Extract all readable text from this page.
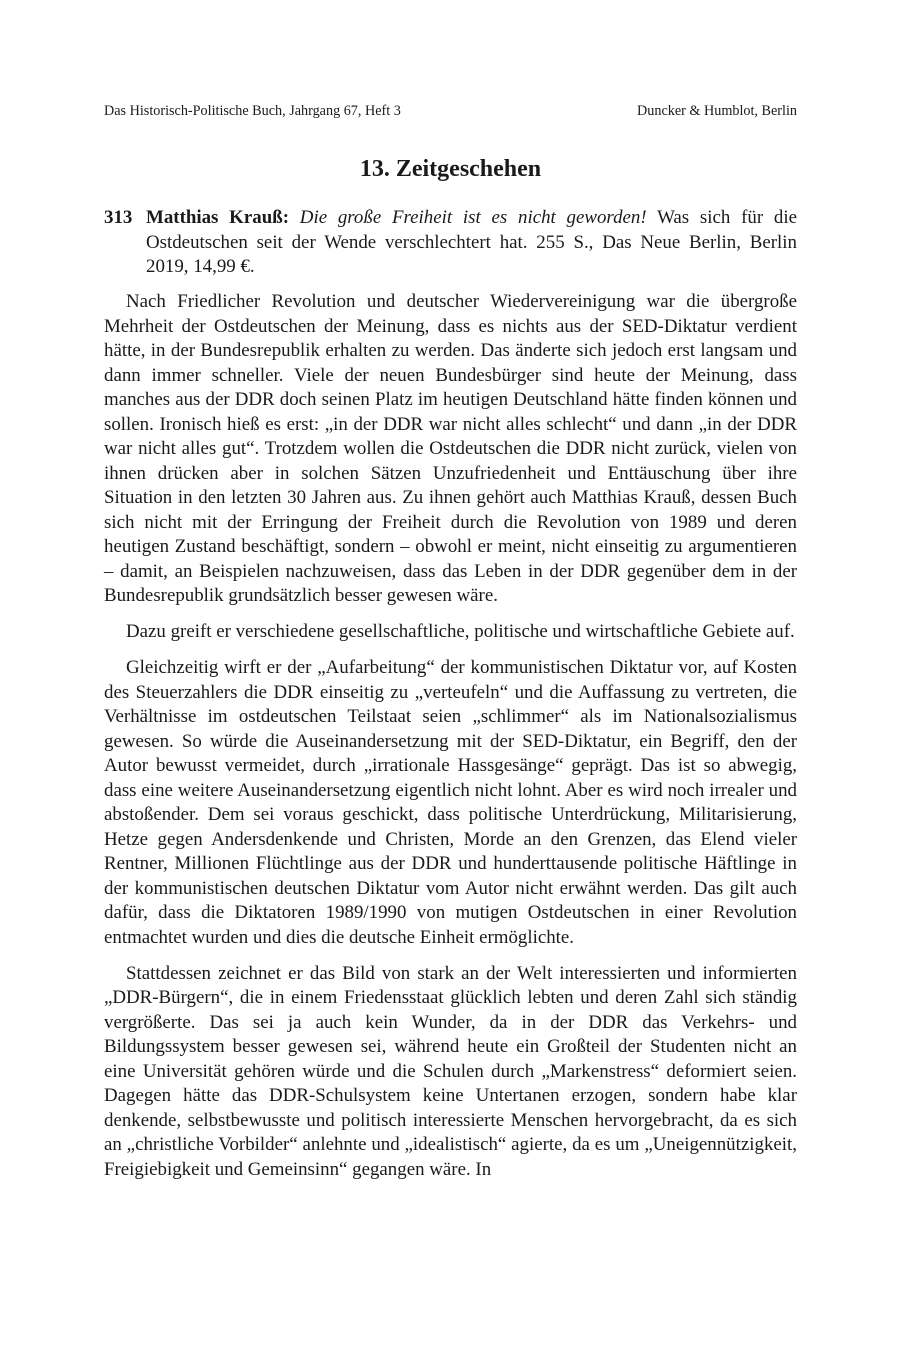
Das Historisch-Politische Buch, Jahrgang 67, Heft 3	Duncker & Humblot, Berlin
13. Zeitgeschehen
313 Matthias Krauß: Die große Freiheit ist es nicht geworden! Was sich für die Ostdeutschen seit der Wende verschlechtert hat. 255 S., Das Neue Berlin, Berlin 2019, 14,99 €.

Nach Friedlicher Revolution und deutscher Wiedervereinigung war die übergroße Mehrheit der Ostdeutschen der Meinung, dass es nichts aus der SED-Diktatur verdient hätte, in der Bundesrepublik erhalten zu werden. Das änderte sich jedoch erst langsam und dann immer schneller. Viele der neuen Bundesbürger sind heute der Meinung, dass manches aus der DDR doch seinen Platz im heutigen Deutschland hätte finden können und sollen. Ironisch hieß es erst: „in der DDR war nicht alles schlecht“ und dann „in der DDR war nicht alles gut“. Trotzdem wollen die Ostdeutschen die DDR nicht zurück, vielen von ihnen drücken aber in solchen Sätzen Unzufriedenheit und Enttäuschung über ihre Situation in den letzten 30 Jahren aus. Zu ihnen gehört auch Matthias Krauß, dessen Buch sich nicht mit der Erringung der Freiheit durch die Revolution von 1989 und deren heutigen Zustand beschäftigt, sondern – obwohl er meint, nicht einseitig zu argumentieren – damit, an Beispielen nachzuweisen, dass das Leben in der DDR gegenüber dem in der Bundesrepublik grundsätzlich besser gewesen wäre.

Dazu greift er verschiedene gesellschaftliche, politische und wirtschaftliche Gebiete auf.

Gleichzeitig wirft er der „Aufarbeitung“ der kommunistischen Diktatur vor, auf Kosten des Steuerzahlers die DDR einseitig zu „verteufeln“ und die Auffassung zu vertreten, die Verhältnisse im ostdeutschen Teilstaat seien „schlimmer“ als im Nationalsozialismus gewesen. So würde die Auseinandersetzung mit der SED-Diktatur, ein Begriff, den der Autor bewusst vermeidet, durch „irrationale Hassgesänge“ geprägt. Das ist so abwegig, dass eine weitere Auseinandersetzung eigentlich nicht lohnt. Aber es wird noch irrealer und abstoßender. Dem sei voraus geschickt, dass politische Unterdrückung, Militarisierung, Hetze gegen Andersdenkende und Christen, Morde an den Grenzen, das Elend vieler Rentner, Millionen Flüchtlinge aus der DDR und hunderttausende politische Häftlinge in der kommunistischen deutschen Diktatur vom Autor nicht erwähnt werden. Das gilt auch dafür, dass die Diktatoren 1989/1990 von mutigen Ostdeutschen in einer Revolution entmachtet wurden und dies die deutsche Einheit ermöglichte.

Stattdessen zeichnet er das Bild von stark an der Welt interessierten und informierten „DDR-Bürgern“, die in einem Friedensstaat glücklich lebten und deren Zahl sich ständig vergrößerte. Das sei ja auch kein Wunder, da in der DDR das Verkehrs- und Bildungssystem besser gewesen sei, während heute ein Großteil der Studenten nicht an eine Universität gehören würde und die Schulen durch „Markenstress“ deformiert seien. Dagegen hätte das DDR-Schulsystem keine Untertanen erzogen, sondern habe klar denkende, selbstbewusste und politisch interessierte Menschen hervorgebracht, da es sich an „christliche Vorbilder“ anlehnte und „idealistisch“ agierte, da es um „Uneigennützigkeit, Freigiebigkeit und Gemeinsinn“ gegangen wäre. In
